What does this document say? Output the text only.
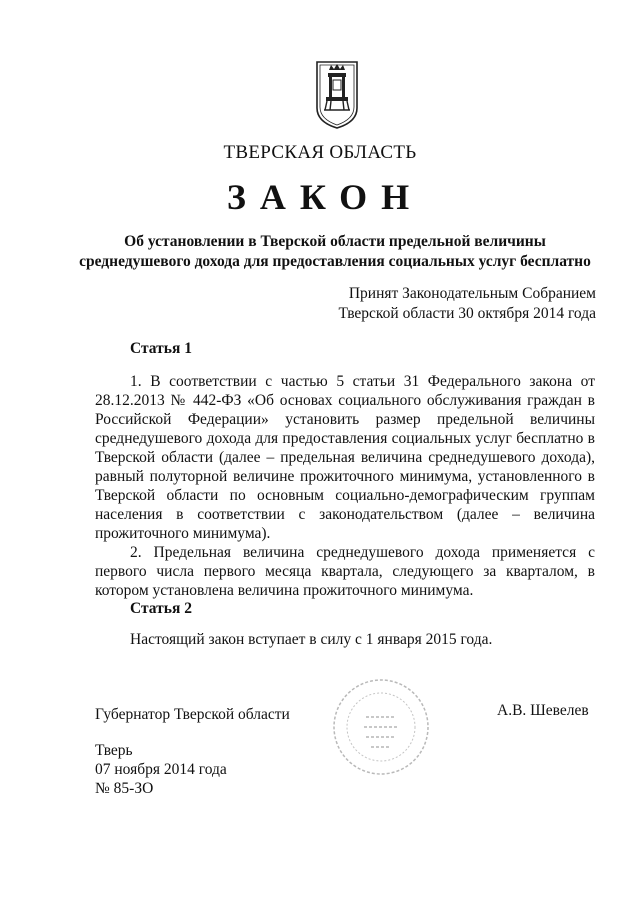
ТВЕРСКАЯ ОБЛАСТЬ
ЗАКОН
Об установлении в Тверской области предельной величины
среднедушевого дохода для предоставления социальных услуг бесплатно
Принят Законодательным Собранием
Тверской области 30 октября 2014 года
Статья 1

1. В соответствии с частью 5 статьи 31 Федерального закона от 28.12.2013 № 442-ФЗ «Об основах социального обслуживания граждан в Российской Федерации» установить размер предельной величины среднедушевого дохода для предоставления социальных услуг бесплатно в Тверской области (далее – предельная величина среднедушевого дохода), равный полуторной величине прожиточного минимума, установленного в Тверской области по основным социально-демографическим группам населения в соответствии с законодательством (далее – величина прожиточного минимума).

2. Предельная величина среднедушевого дохода применяется с первого числа первого месяца квартала, следующего за кварталом, в котором установлена величина прожиточного минимума.

Статья 2

Настоящий закон вступает в силу с 1 января 2015 года.

Губернатор Тверской области	А.В. Шевелев
Тверь
07 ноября 2014 года
№ 85-ЗО
